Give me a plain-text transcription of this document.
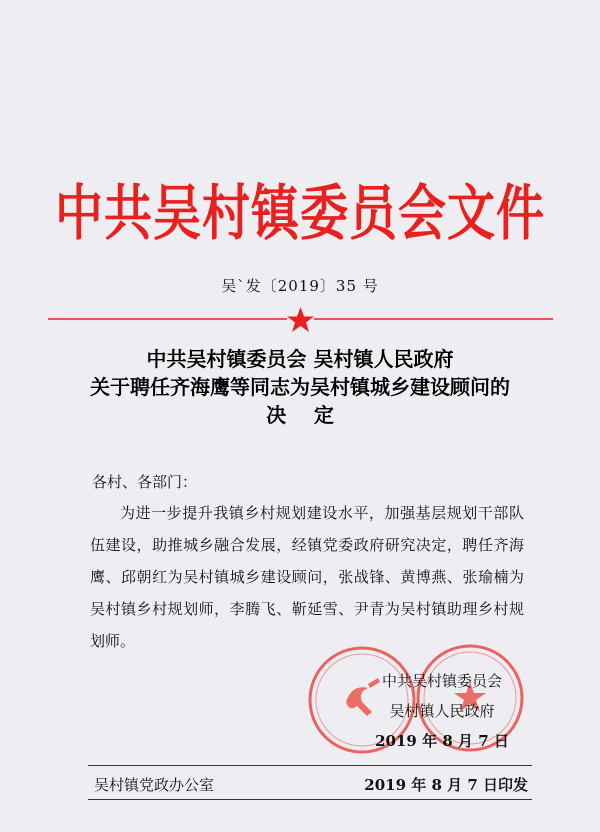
中共吴村镇委员会文件
吴`发〔2019〕35 号
中共吴村镇委员会 吴村镇人民政府
关于聘任齐海鹰等同志为吴村镇城乡建设顾问的
决    定
各村、各部门：
为进一步提升我镇乡村规划建设水平，加强基层规划干部队伍建设，助推城乡融合发展，经镇党委政府研究决定，聘任齐海鹰、邱朝红为吴村镇城乡建设顾问，张战锋、黄博燕、张瑜楠为吴村镇乡村规划师，李腾飞、靳延雪、尹青为吴村镇助理乡村规划师。
中共吴村镇委员会
吴村镇人民政府
2019 年 8 月 7 日
吴村镇党政办公室	2019 年 8 月 7 日印发
